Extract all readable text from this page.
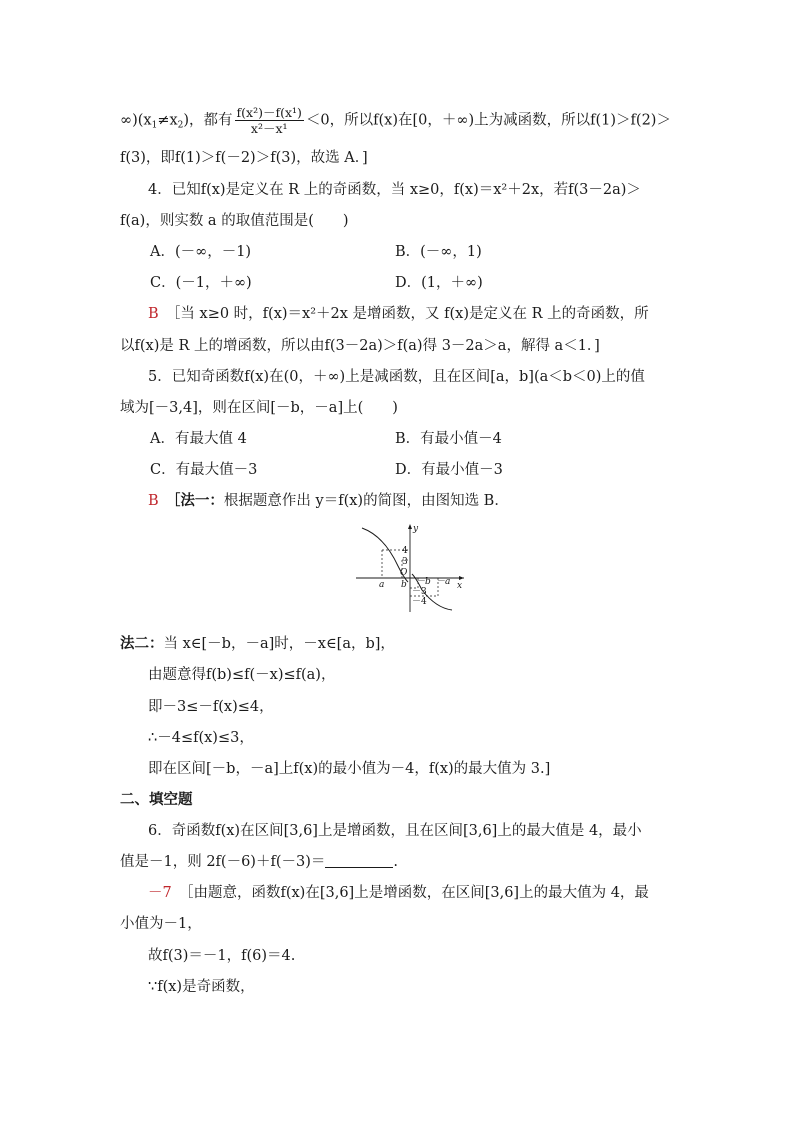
$\infty)(x_1\ne x_2)$，都有 $\frac{\text{f(x²)－f(x¹)}}{\text{x²－x¹}} <0$，所以f(x)在[0，＋∞)上为减函数，所以f(1)＞f(2)＞
f(3)，即f(1)＞f(－2)＞f(3)，故选 A．]
4．已知f(x)是定义在 R 上的奇函数，当 x≥0，f(x)＝x²＋2x，若f(3－2a)＞
f(a)，则实数 a 的取值范围是(　　)
A．(－∞，－1)	B．(－∞，1)
C．(－1，＋∞)	D．(1，＋∞)
B　 ［当 x≥0 时，f(x)＝x²＋2x 是增函数，又 f(x)是定义在 R 上的奇函数，所
以f(x)是 R 上的增函数，所以由f(3－2a)＞f(a)得 3－2a＞a，解得 a＜1．]
5．已知奇函数f(x)在(0，＋∞)上是减函数，且在区间[a，b](a＜b＜0)上的值
域为[－3,4]，则在区间[－b，－a]上(　　)
A．有最大值 4	B．有最小值－4
C．有最大值－3	D．有最小值－3
B　 ［法一：根据题意作出 y＝f(x)的简图，由图知选 B．
y
x
O
4
3
－3
－4
a b －b －a
法二：当 x∈[－b，－a]时，－x∈[a，b]，
由题意得f(b)≤f(－x)≤f(a)，
即－3≤－f(x)≤4，
∴－4≤f(x)≤3，
即在区间[－b，－a]上f(x)的最小值为－4，f(x)的最大值为 3.]
二、填空题
6．奇函数f(x)在区间[3,6]上是增函数，且在区间[3,6]上的最大值是 4，最小
值是－1，则 2f(－6)＋f(－3)＝	.
－7　 ［由题意，函数f(x)在[3,6]上是增函数，在区间[3,6]上的最大值为 4，最
小值为－1，
故f(3)＝－1，f(6)＝4.
∵f(x)是奇函数，
